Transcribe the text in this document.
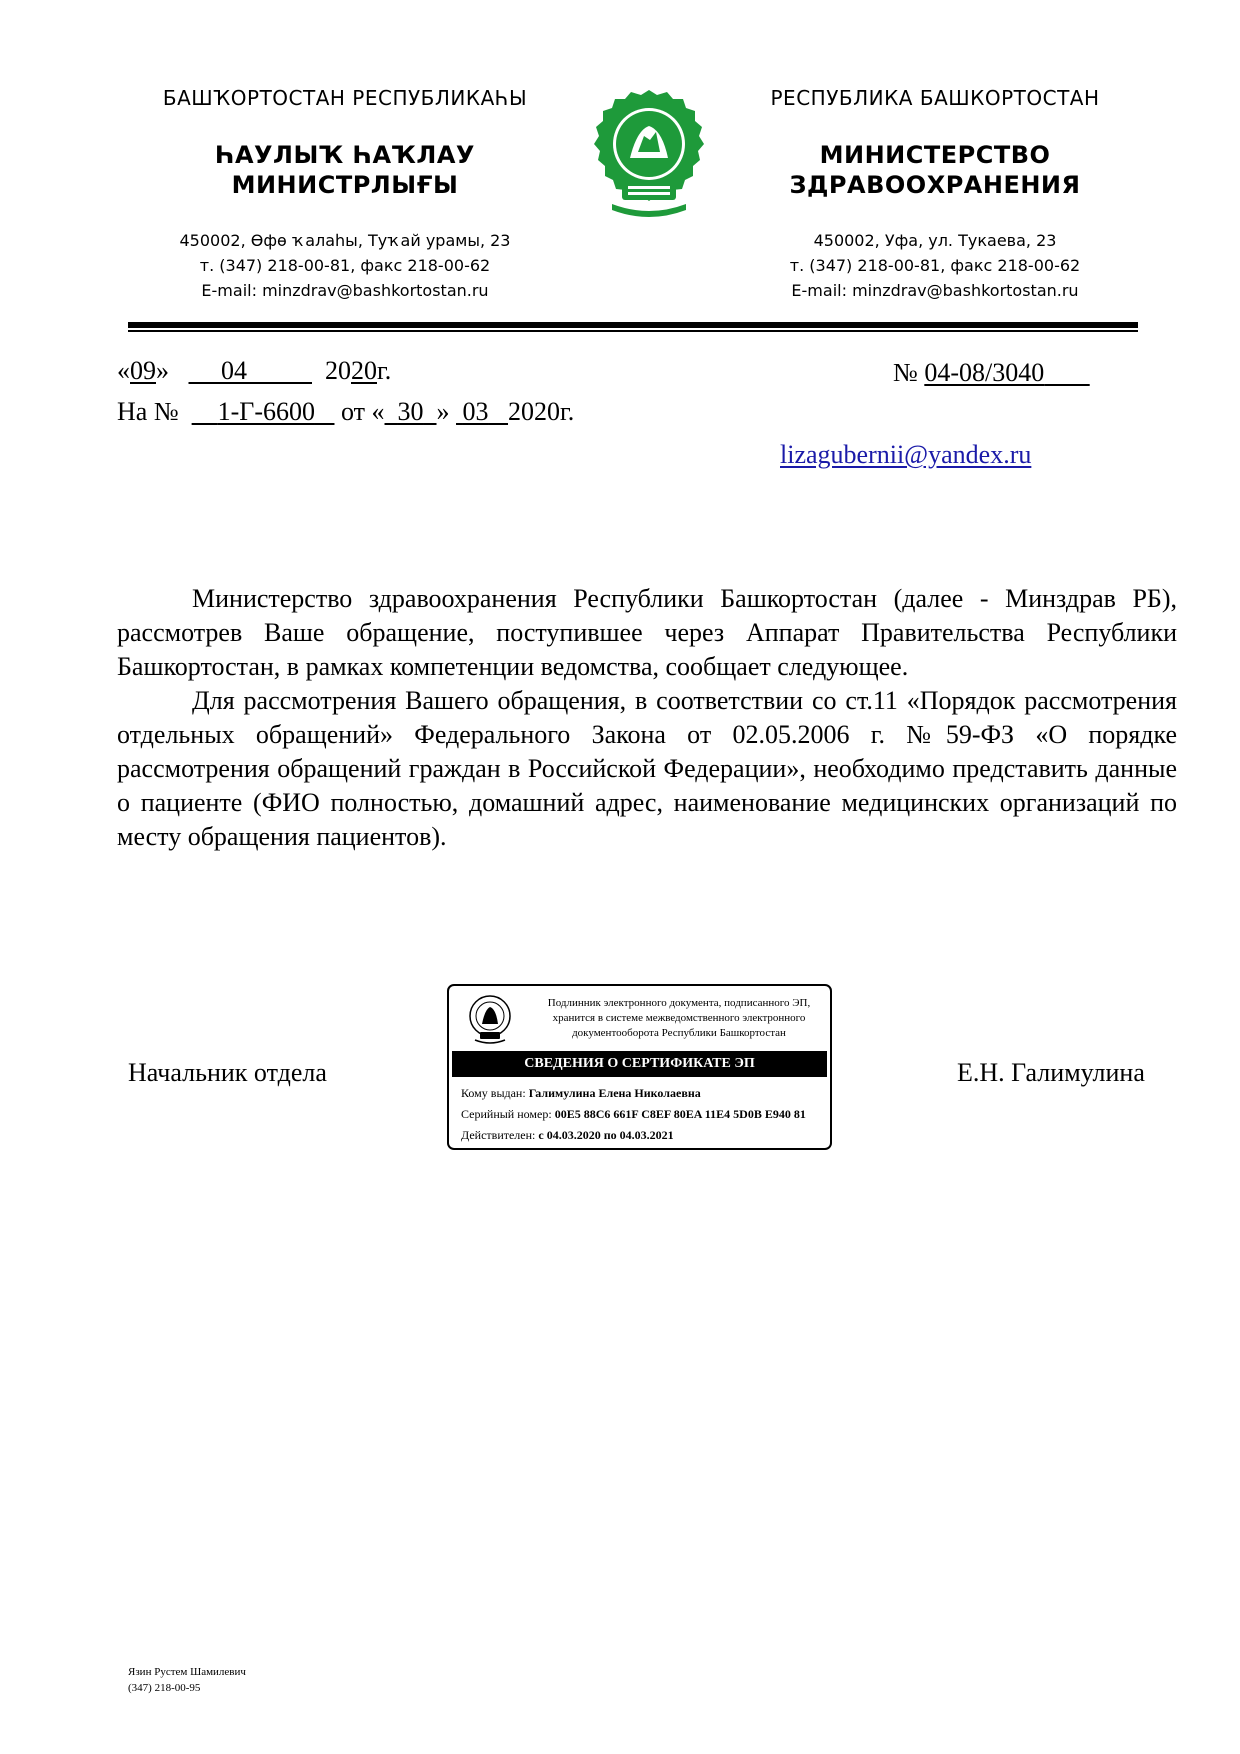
БАШҠОРТОСТАН РЕСПУБЛИКАҺЫ
ҺАУЛЫҠ ҺАҠЛАУ
МИНИСТРЛЫҒЫ
450002, Өфө ҡалаһы, Туҡай урамы, 23
т. (347) 218-00-81, факс 218-00-62
E-mail: minzdrav@bashkortostan.ru
РЕСПУБЛИКА БАШКОРТОСТАН
МИНИСТЕРСТВО
ЗДРАВООХРАНЕНИЯ
450002, Уфа, ул. Тукаева, 23
т. (347) 218-00-81, факс 218-00-62
E-mail: minzdrav@bashkortostan.ru
«09»        04	2020г.	№ 04-08/3040
На № 1-Г-6600 от « 30 »  03 2020г.
lizagubernii@yandex.ru

Министерство здравоохранения Республики Башкортостан (далее - Минздрав РБ), рассмотрев Ваше обращение, поступившее через Аппарат Правительства Республики Башкортостан, в рамках компетенции ведомства, сообщает следующее.

Для рассмотрения Вашего обращения, в соответствии со ст.11 «Порядок рассмотрения отдельных обращений» Федерального Закона от 02.05.2006 г. №59-ФЗ «О порядке рассмотрения обращений граждан в Российской Федерации», необходимо представить данные о пациенте (ФИО полностью, домашний адрес, наименование медицинских организаций по месту обращения пациентов).

Начальник отдела	Е.Н. Галимулина
Подлинник электронного документа, подписанного ЭП,
хранится в системе межведомственного электронного
документооборота Республики Башкортостан
СВЕДЕНИЯ О СЕРТИФИКАТЕ ЭП
Кому выдан: Галимулина Елена Николаевна
Серийный номер: 00E5 88C6 661F C8EF 80EA 11E4 5D0B E940 81
Действителен: с 04.03.2020 по 04.03.2021
Язин Рустем Шамилевич
(347) 218-00-95
